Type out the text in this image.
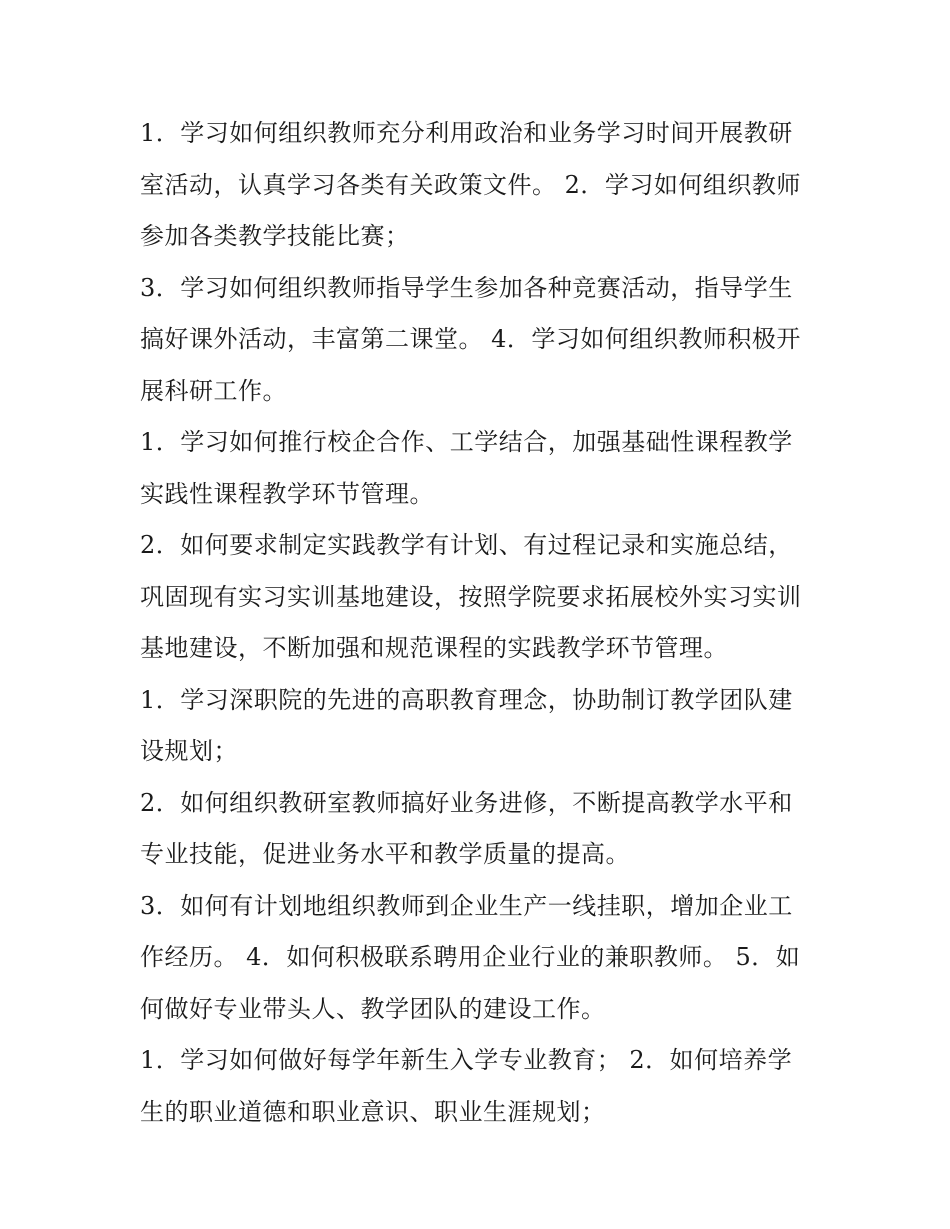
1．学习如何组织教师充分利用政治和业务学习时间开展教研
室活动，认真学习各类有关政策文件。 2．学习如何组织教师
参加各类教学技能比赛；
3．学习如何组织教师指导学生参加各种竞赛活动，指导学生
搞好课外活动，丰富第二课堂。 4．学习如何组织教师积极开
展科研工作。
1．学习如何推行校企合作、工学结合，加强基础性课程教学
实践性课程教学环节管理。
2．如何要求制定实践教学有计划、有过程记录和实施总结，
巩固现有实习实训基地建设，按照学院要求拓展校外实习实训
基地建设，不断加强和规范课程的实践教学环节管理。
1．学习深职院的先进的高职教育理念，协助制订教学团队建
设规划；
2．如何组织教研室教师搞好业务进修，不断提高教学水平和
专业技能，促进业务水平和教学质量的提高。
3．如何有计划地组织教师到企业生产一线挂职，增加企业工
作经历。 4．如何积极联系聘用企业行业的兼职教师。 5．如
何做好专业带头人、教学团队的建设工作。
1．学习如何做好每学年新生入学专业教育； 2．如何培养学
生的职业道德和职业意识、职业生涯规划；
